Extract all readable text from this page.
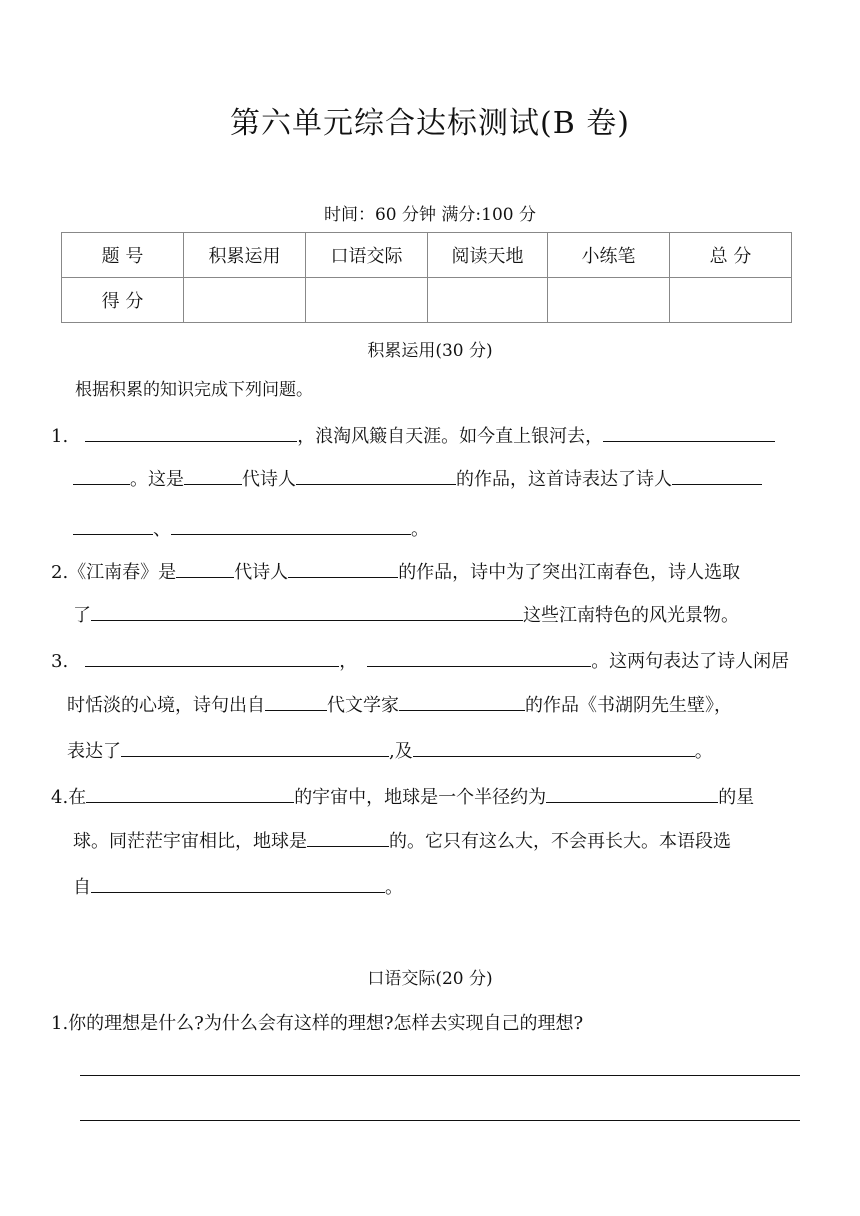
第六单元综合达标测试(B 卷)
时间：60 分钟 满分:100 分
题 号	积累运用	口语交际	阅读天地	小练笔	总 分
得 分					
积累运用(30 分)
根据积累的知识完成下列问题。
1.	，浪淘风簸自天涯。如今直上银河去，
。这是	代诗人	的作品，这首诗表达了诗人
、	。
2.《江南春》是	代诗人	的作品，诗中为了突出江南春色，诗人选取
了	这些江南特色的风光景物。
3.	，	。这两句表达了诗人闲居
时恬淡的心境，诗句出自	代文学家	的作品《书湖阴先生壁》，
表达了	,及	。
4.在	的宇宙中，地球是一个半径约为	的星
球。同茫茫宇宙相比，地球是	的。它只有这么大，不会再长大。本语段选
自	。
口语交际(20 分)
1.你的理想是什么?为什么会有这样的理想?怎样去实现自己的理想?
